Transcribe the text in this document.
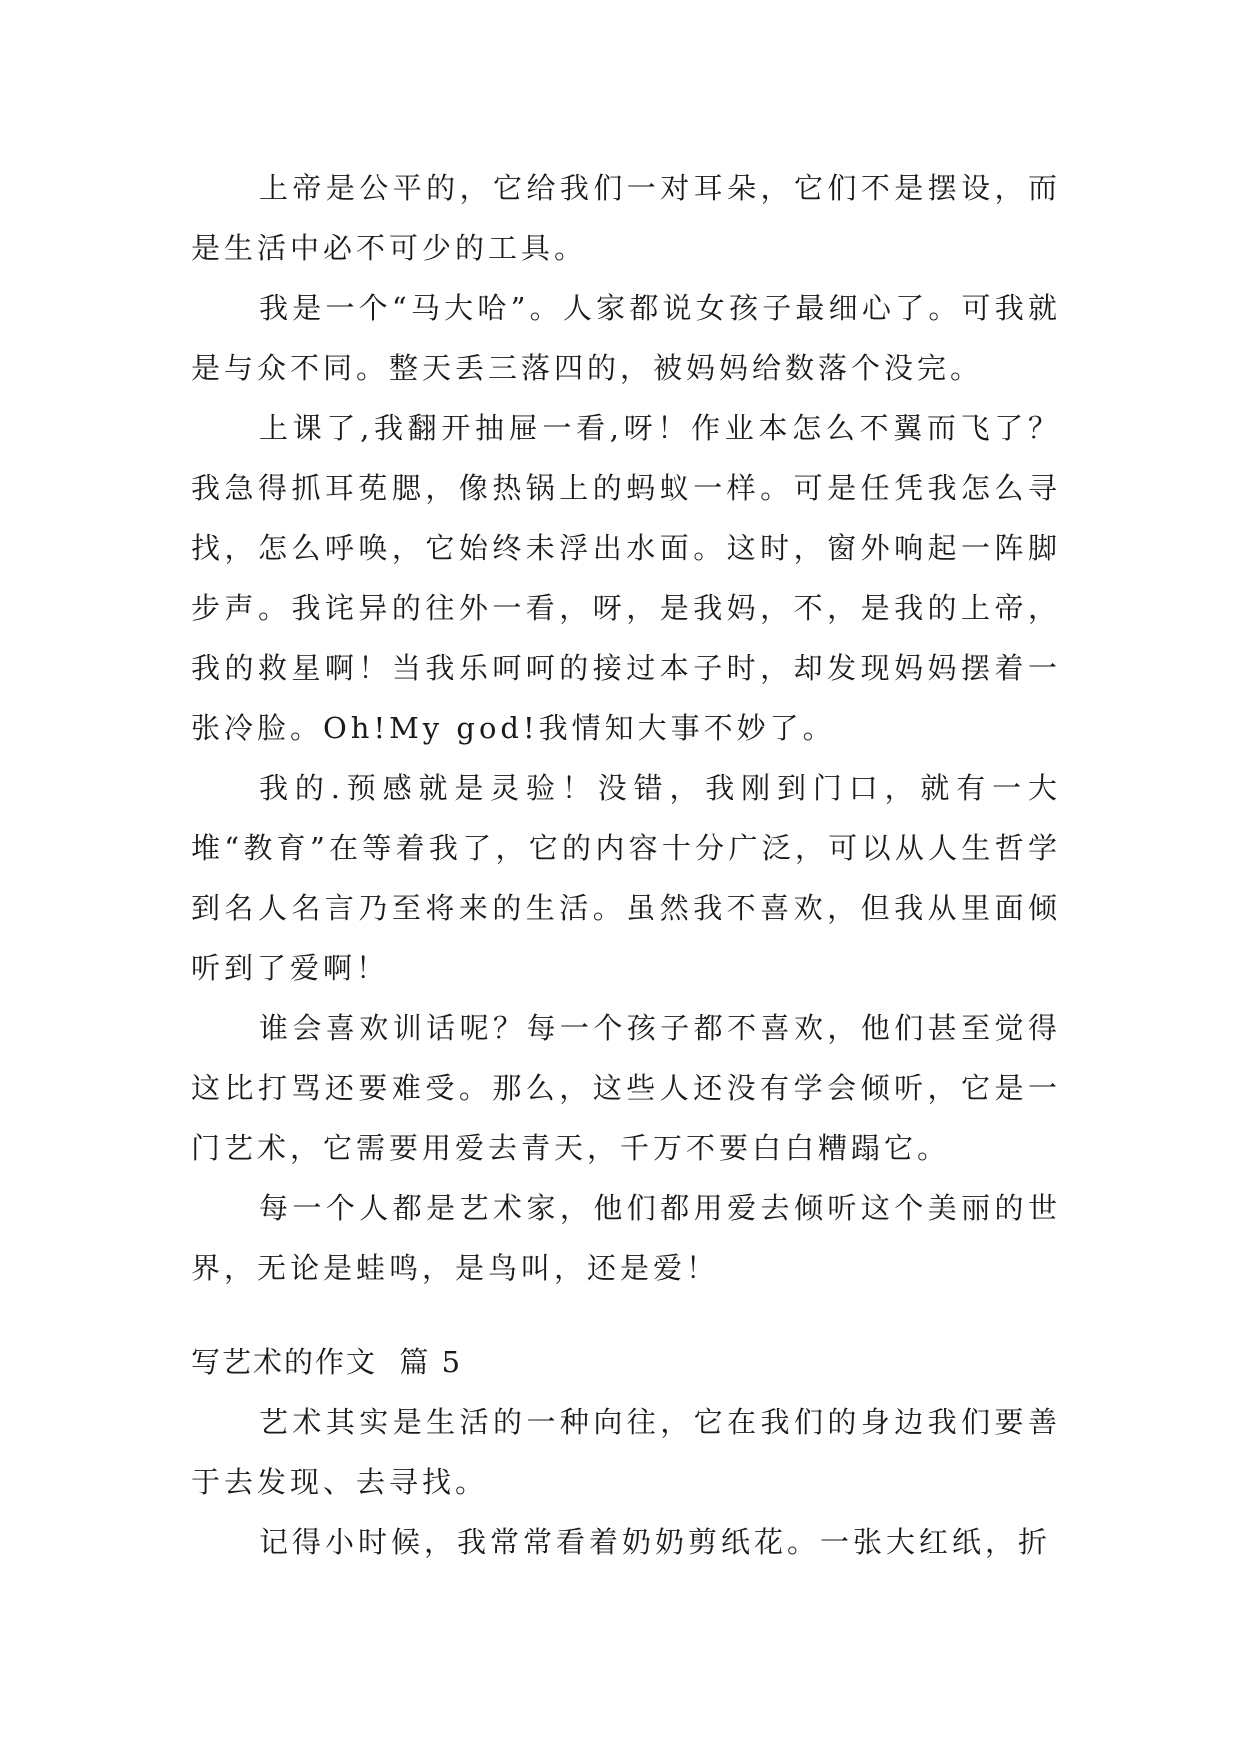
上帝是公平的，它给我们一对耳朵，它们不是摆设，而是生活中必不可少的工具。

我是一个“马大哈”。人家都说女孩子最细心了。可我就是与众不同。整天丢三落四的，被妈妈给数落个没完。

上课了,我翻开抽屉一看,呀！作业本怎么不翼而飞了？我急得抓耳莬腮，像热锅上的蚂蚁一样。可是任凭我怎么寻找，怎么呼唤，它始终未浮出水面。这时，窗外响起一阵脚步声。我诧异的往外一看，呀，是我妈，不，是我的上帝，我的救星啊！当我乐呵呵的接过本子时，却发现妈妈摆着一张冷脸。Oh!My god!我情知大事不妙了。

我的.预感就是灵验！没错，我刚到门口，就有一大堆“教育”在等着我了，它的内容十分广泛，可以从人生哲学到名人名言乃至将来的生活。虽然我不喜欢，但我从里面倾听到了爱啊！

谁会喜欢训话呢？每一个孩子都不喜欢，他们甚至觉得这比打骂还要难受。那么，这些人还没有学会倾听，它是一门艺术，它需要用爱去青天，千万不要白白糟蹋它。

每一个人都是艺术家，他们都用爱去倾听这个美丽的世界，无论是蛙鸣，是鸟叫，还是爱！

写艺术的作文  篇 5

艺术其实是生活的一种向往，它在我们的身边我们要善于去发现、去寻找。

记得小时候，我常常看着奶奶剪纸花。一张大红纸，折
